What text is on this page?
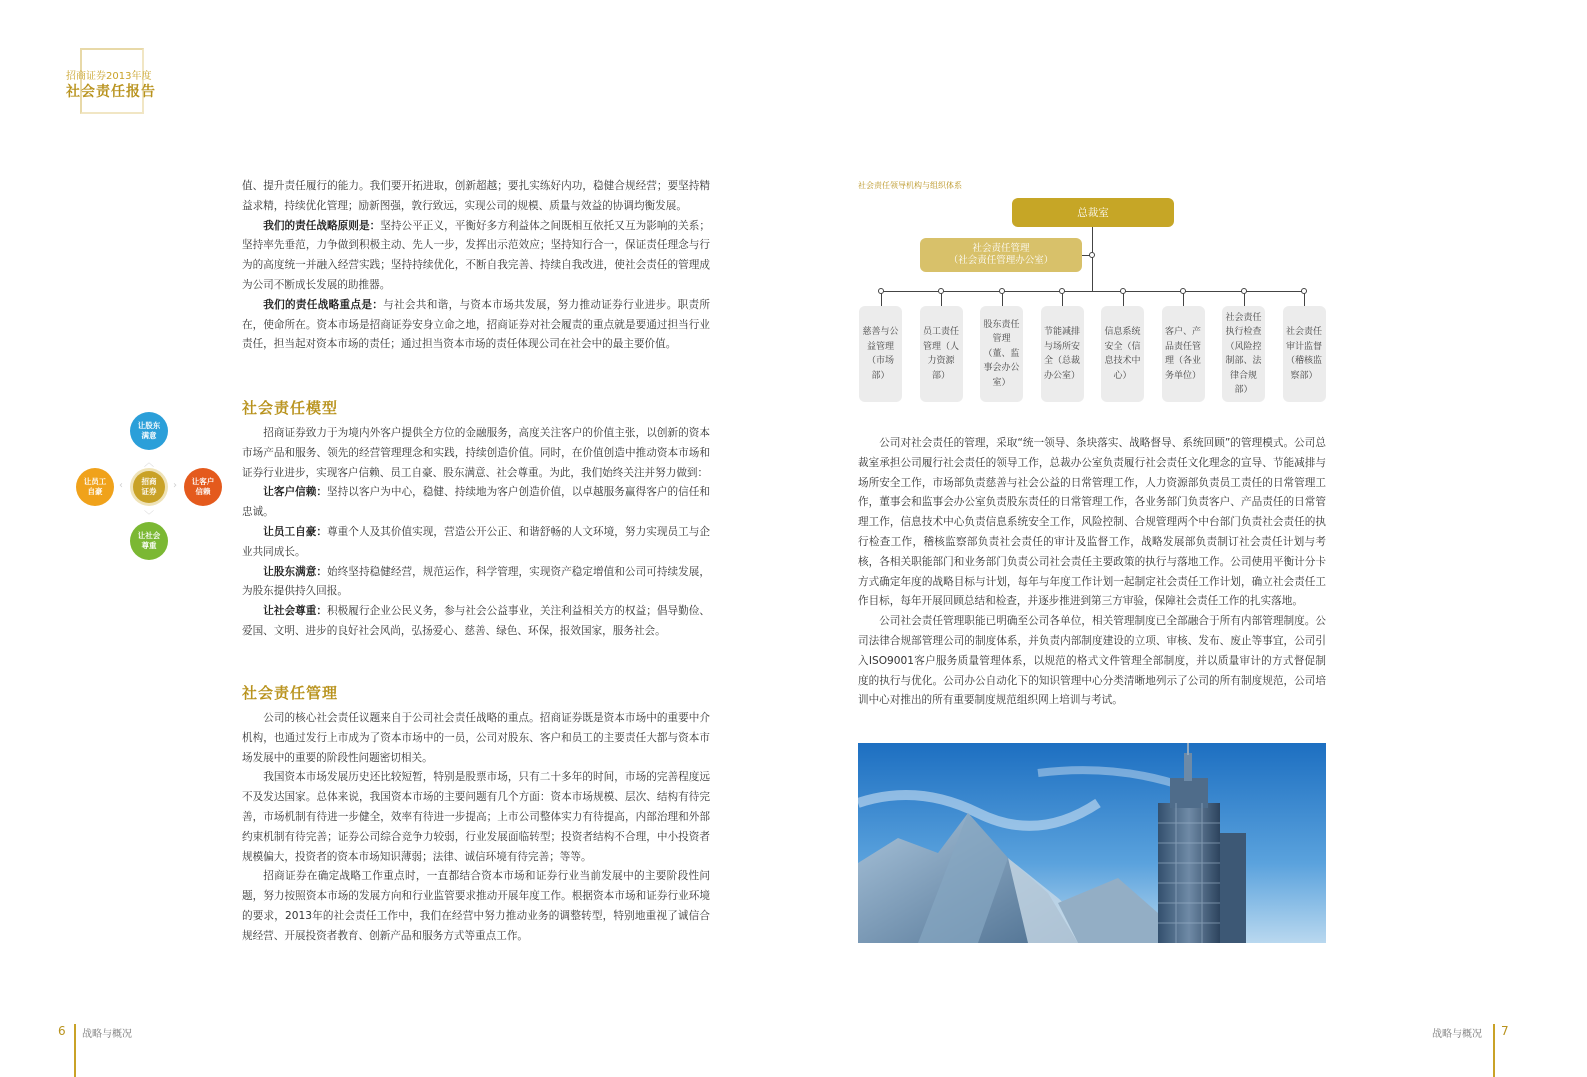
招商证券2013年度
社会责任报告

值、提升责任履行的能力。我们要开拓进取，创新超越；要扎实练好内功，稳健合规经营；要坚持精益求精，持续优化管理；励新图强，敦行致远，实现公司的规模、质量与效益的协调均衡发展。

我们的责任战略原则是：坚持公平正义，平衡好多方利益体之间既相互依托又互为影响的关系；坚持率先垂范，力争做到积极主动、先人一步，发挥出示范效应；坚持知行合一，保证责任理念与行为的高度统一并融入经营实践；坚持持续优化，不断自我完善、持续自我改进，使社会责任的管理成为公司不断成长发展的助推器。

我们的责任战略重点是：与社会共和谐，与资本市场共发展，努力推动证券行业进步。职责所在，使命所在。资本市场是招商证券安身立命之地，招商证券对社会履责的重点就是要通过担当行业责任，担当起对资本市场的责任；通过担当资本市场的责任体现公司在社会中的最主要价值。

社会责任模型

招商证券致力于为境内外客户提供全方位的金融服务，高度关注客户的价值主张，以创新的资本市场产品和服务、领先的经营管理理念和实践，持续创造价值。同时，在价值创造中推动资本市场和证券行业进步，实现客户信赖、员工自豪、股东满意、社会尊重。为此，我们始终关注并努力做到：

让客户信赖：坚持以客户为中心，稳健、持续地为客户创造价值，以卓越服务赢得客户的信任和忠诚。

让员工自豪：尊重个人及其价值实现，营造公开公正、和谐舒畅的人文环境，努力实现员工与企业共同成长。

让股东满意：始终坚持稳健经营，规范运作，科学管理，实现资产稳定增值和公司可持续发展，为股东提供持久回报。

让社会尊重：积极履行企业公民义务，参与社会公益事业，关注利益相关方的权益；倡导勤俭、爱国、文明、进步的良好社会风尚，弘扬爱心、慈善、绿色、环保，报效国家，服务社会。

社会责任管理

公司的核心社会责任议题来自于公司社会责任战略的重点。招商证券既是资本市场中的重要中介机构，也通过发行上市成为了资本市场中的一员，公司对股东、客户和员工的主要责任大都与资本市场发展中的重要的阶段性问题密切相关。

我国资本市场发展历史还比较短暂，特别是股票市场，只有二十多年的时间，市场的完善程度远不及发达国家。总体来说，我国资本市场的主要问题有几个方面：资本市场规模、层次、结构有待完善，市场机制有待进一步健全，效率有待进一步提高；上市公司整体实力有待提高，内部治理和外部约束机制有待完善；证券公司综合竞争力较弱，行业发展面临转型；投资者结构不合理，中小投资者规模偏大，投资者的资本市场知识薄弱；法律、诚信环境有待完善；等等。

招商证券在确定战略工作重点时，一直都结合资本市场和证券行业当前发展中的主要阶段性问题，努力按照资本市场的发展方向和行业监管要求推动开展年度工作。根据资本市场和证券行业环境的要求，2013年的社会责任工作中，我们在经营中努力推动业务的调整转型，特别地重视了诚信合规经营、开展投资者教育、创新产品和服务方式等重点工作。

让股东满意
让员工自豪
让客户信赖
让社会尊重
招商证券
︿
﹀
‹	›
社会责任领导机构与组织体系
总裁室
社会责任管理
（社会责任管理办公室）
慈善与公益管理（市场部）
员工责任管理（人力资源部）
股东责任管理（董、监事会办公室）
节能减排与场所安全（总裁办公室）
信息系统安全（信息技术中心）
客户、产品责任管理（各业务单位）
社会责任执行检查（风险控制部、法律合规部）
社会责任审计监督（稽核监察部）

公司对社会责任的管理，采取“统一领导、条块落实、战略督导、系统回顾”的管理模式。公司总裁室承担公司履行社会责任的领导工作，总裁办公室负责履行社会责任文化理念的宣导、节能减排与场所安全工作，市场部负责慈善与社会公益的日常管理工作，人力资源部负责员工责任的日常管理工作，董事会和监事会办公室负责股东责任的日常管理工作，各业务部门负责客户、产品责任的日常管理工作，信息技术中心负责信息系统安全工作，风险控制、合规管理两个中台部门负责社会责任的执行检查工作，稽核监察部负责社会责任的审计及监督工作，战略发展部负责制订社会责任计划与考核，各相关职能部门和业务部门负责公司社会责任主要政策的执行与落地工作。公司使用平衡计分卡方式确定年度的战略目标与计划，每年与年度工作计划一起制定社会责任工作计划，确立社会责任工作目标，每年开展回顾总结和检查，并逐步推进到第三方审验，保障社会责任工作的扎实落地。

公司社会责任管理职能已明确至公司各单位，相关管理制度已全部融合于所有内部管理制度。公司法律合规部管理公司的制度体系，并负责内部制度建设的立项、审核、发布、废止等事宜，公司引入ISO9001客户服务质量管理体系，以规范的格式文件管理全部制度，并以质量审计的方式督促制度的执行与优化。公司办公自动化下的知识管理中心分类清晰地列示了公司的所有制度规范，公司培训中心对推出的所有重要制度规范组织网上培训与考试。

6 战略与概况	战略与概况 7
